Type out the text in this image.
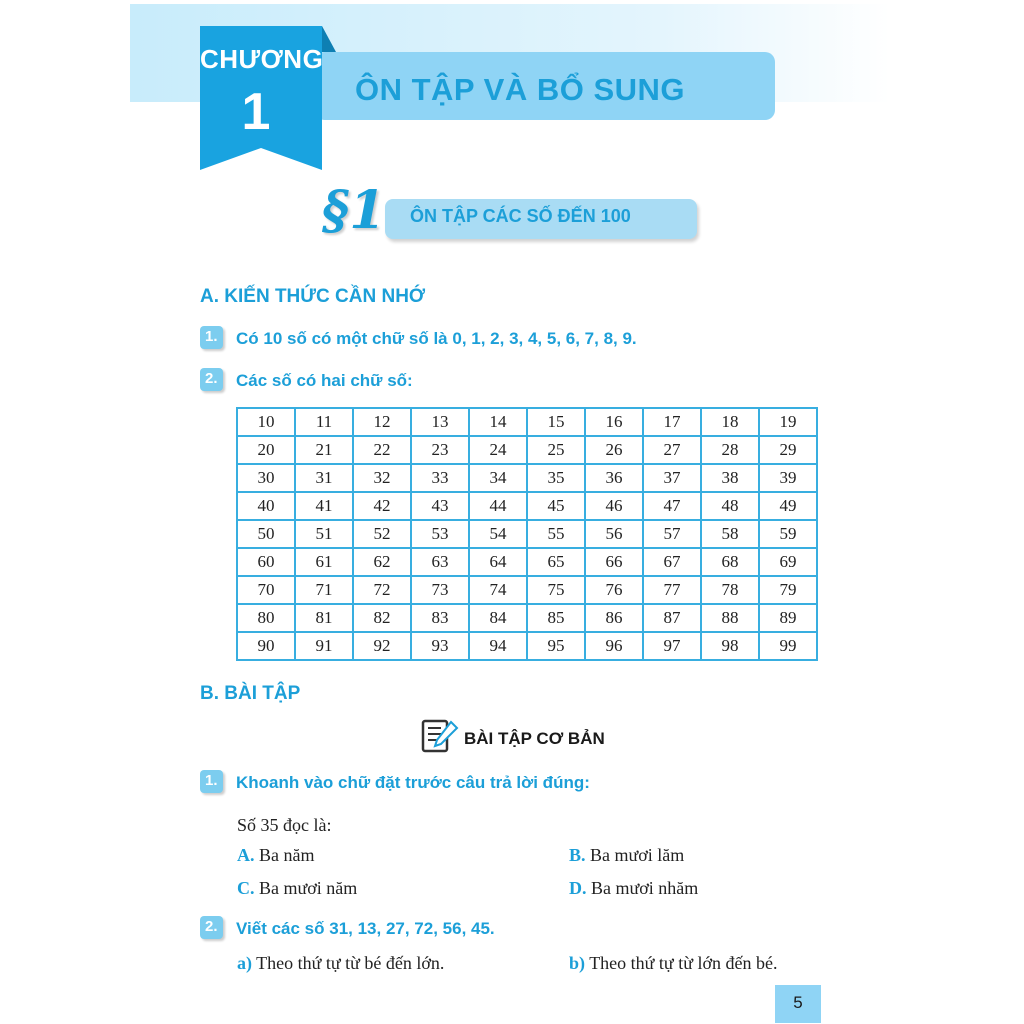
ÔN TẬP VÀ BỔ SUNG
CHƯƠNG
1
§1 ÔN TẬP CÁC SỐ ĐẾN 100
A. KIẾN THỨC CẦN NHỚ
1.	Có 10 số có một chữ số là 0, 1, 2, 3, 4, 5, 6, 7, 8, 9.
2.	Các số có hai chữ số:
10	11	12	13	14	15	16	17	18	19
20	21	22	23	24	25	26	27	28	29
30	31	32	33	34	35	36	37	38	39
40	41	42	43	44	45	46	47	48	49
50	51	52	53	54	55	56	57	58	59
60	61	62	63	64	65	66	67	68	69
70	71	72	73	74	75	76	77	78	79
80	81	82	83	84	85	86	87	88	89
90	91	92	93	94	95	96	97	98	99
B. BÀI TẬP
BÀI TẬP CƠ BẢN
1.	Khoanh vào chữ đặt trước câu trả lời đúng:
Số 35 đọc là:
A. Ba năm	B. Ba mươi lăm
C. Ba mươi năm	D. Ba mươi nhăm
2.	Viết các số 31, 13, 27, 72, 56, 45.
a) Theo thứ tự từ bé đến lớn.	b) Theo thứ tự từ lớn đến bé.
5
